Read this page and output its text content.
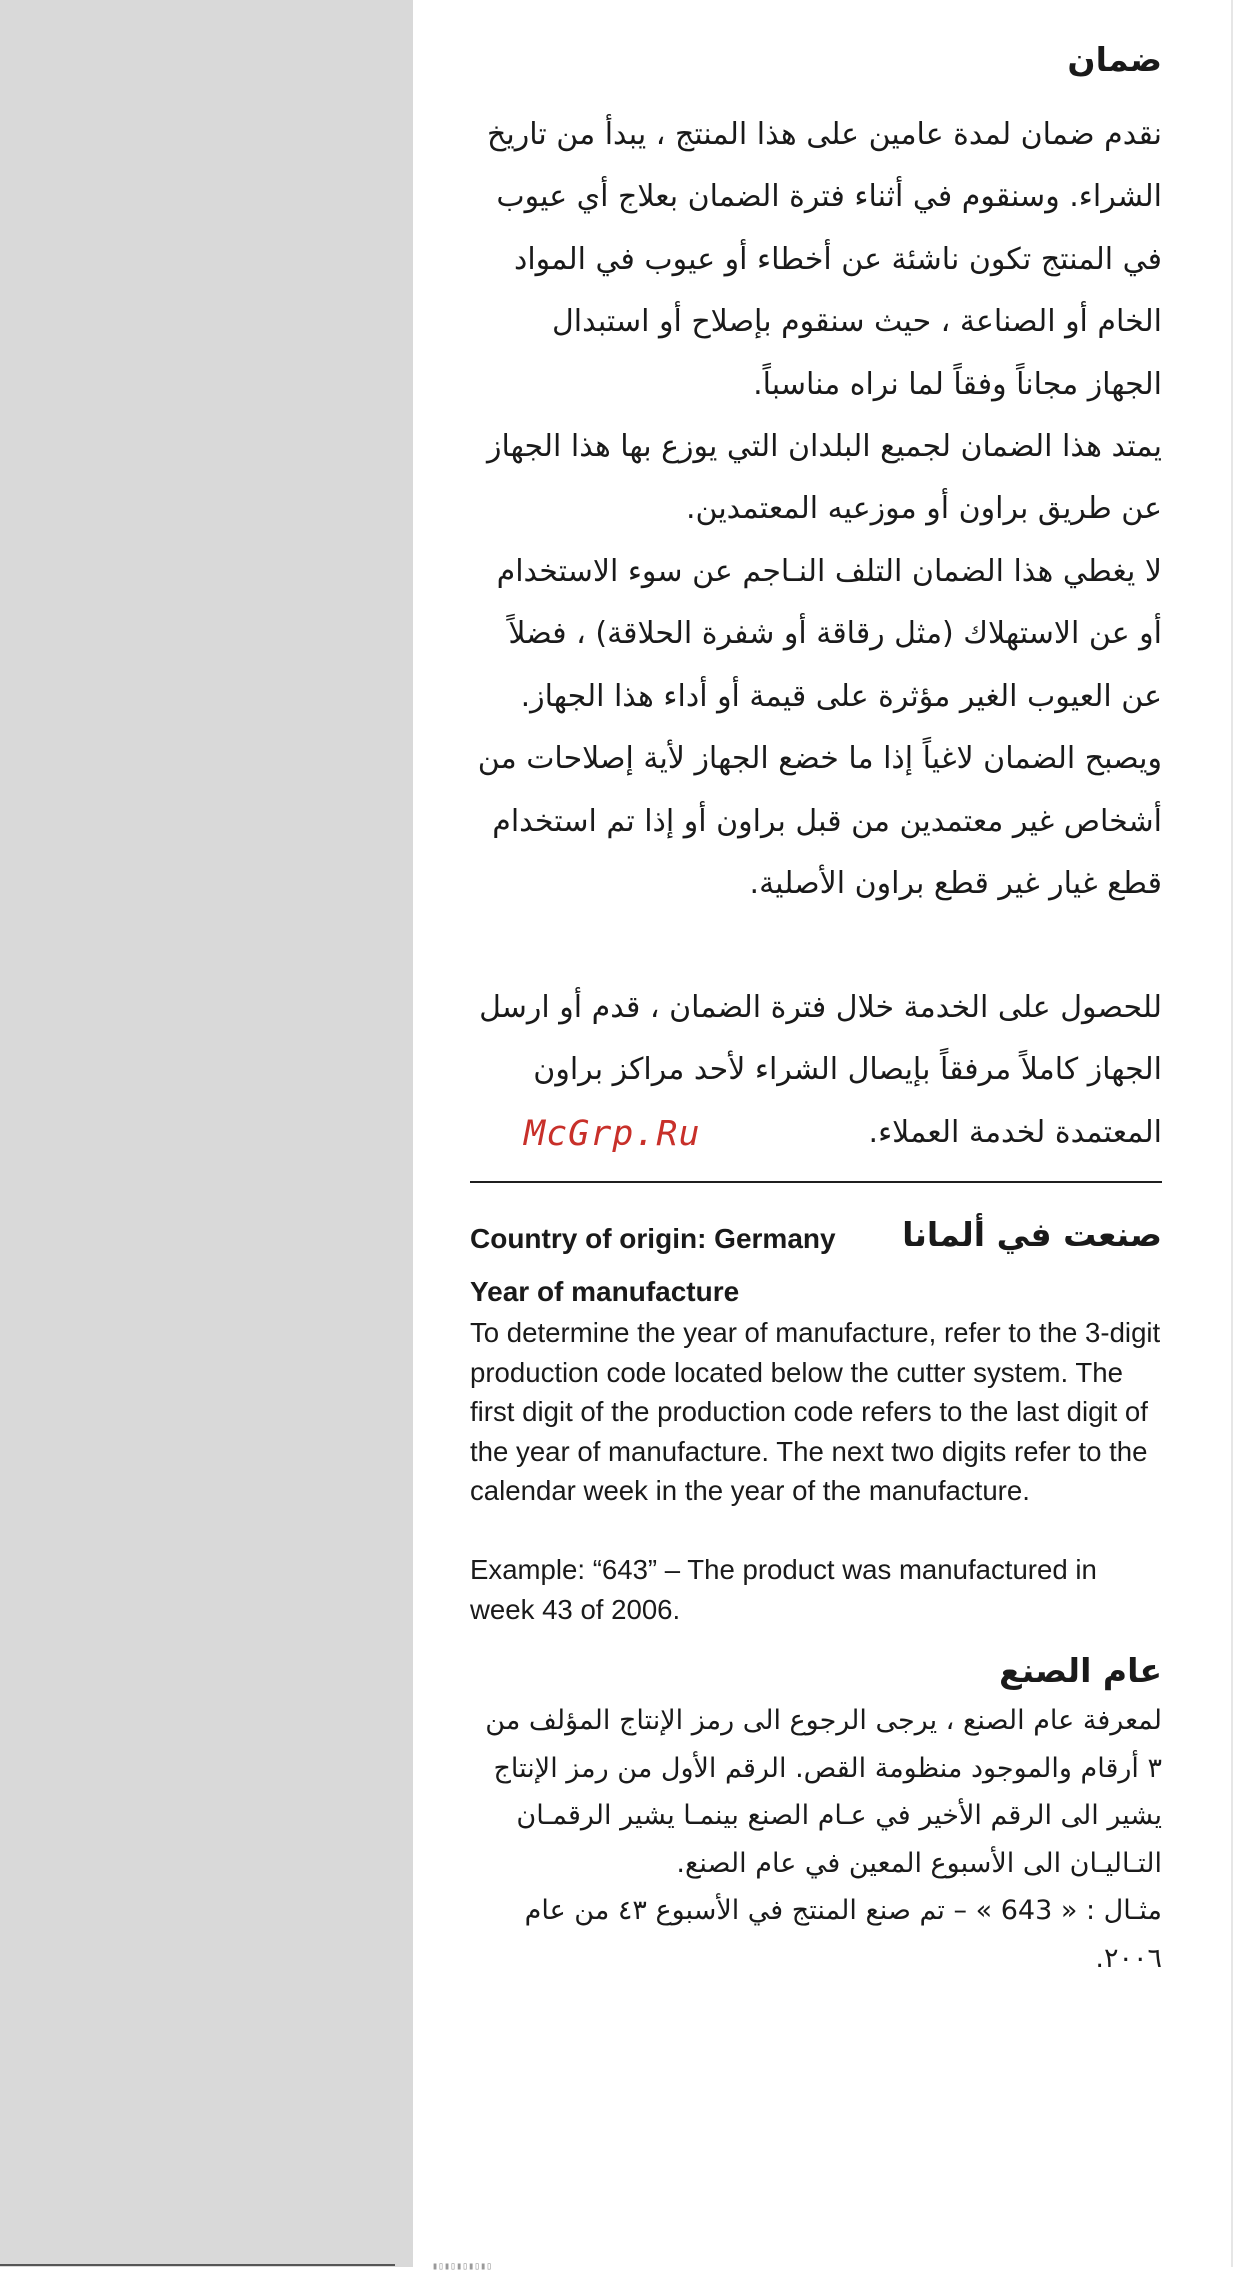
ضمان

نقدم ضمان لمدة عامين على هذا المنتج ، يبدأ من تاريخ الشراء. وسنقوم في أثناء فترة الضمان بعلاج أي عيوب في المنتج تكون ناشئة عن أخطاء أو عيوب في المواد الخام أو الصناعة ، حيث سنقوم بإصلاح أو استبدال الجهاز مجاناً وفقاً لما نراه مناسباً.

يمتد هذا الضمان لجميع البلدان التي يوزع بها هذا الجهاز عن طريق براون أو موزعيه المعتمدين.

لا يغطي هذا الضمان التلف النـاجم عن سوء الاستخدام أو عن الاستهلاك (مثل رقاقة أو شفرة الحلاقة) ، فضلاً عن العيوب الغير مؤثرة على قيمة أو أداء هذا الجهاز. ويصبح الضمان لاغياً إذا ما خضع الجهاز لأية إصلاحات من أشخاص غير معتمدين من قبل براون أو إذا تم استخدام قطع غيار غير قطع براون الأصلية.

للحصول على الخدمة خلال فترة الضمان ، قدم أو ارسل الجهاز كاملاً مرفقاً بإيصال الشراء لأحد مراكز براون المعتمدة لخدمة العملاء.

McGrp.Ru
Country of origin: Germany صنعت في ألمانا
Year of manufacture

To determine the year of manufacture, refer to the 3-digit production code located below the cutter system. The first digit of the production code refers to the last digit of the year of manufacture. The next two digits refer to the calendar week in the year of the manufacture.

Example: “643” – The product was manufactured in week 43 of 2006.

عام الصنع

لمعرفة عام الصنع ، يرجى الرجوع الى رمز الإنتاج المؤلف من ٣ أرقام والموجود منظومة القص. الرقم الأول من رمز الإنتاج يشير الى الرقم الأخير في عـام الصنع بينمـا يشير الرقمـان التـاليـان الى الأسبوع المعين في عام الصنع.

مثـال : « 643 » – تم صنع المنتج في الأسبوع ٤٣ من عام ٢٠٠٦.

▮▯▮▯▮▯▮▯▮▯
